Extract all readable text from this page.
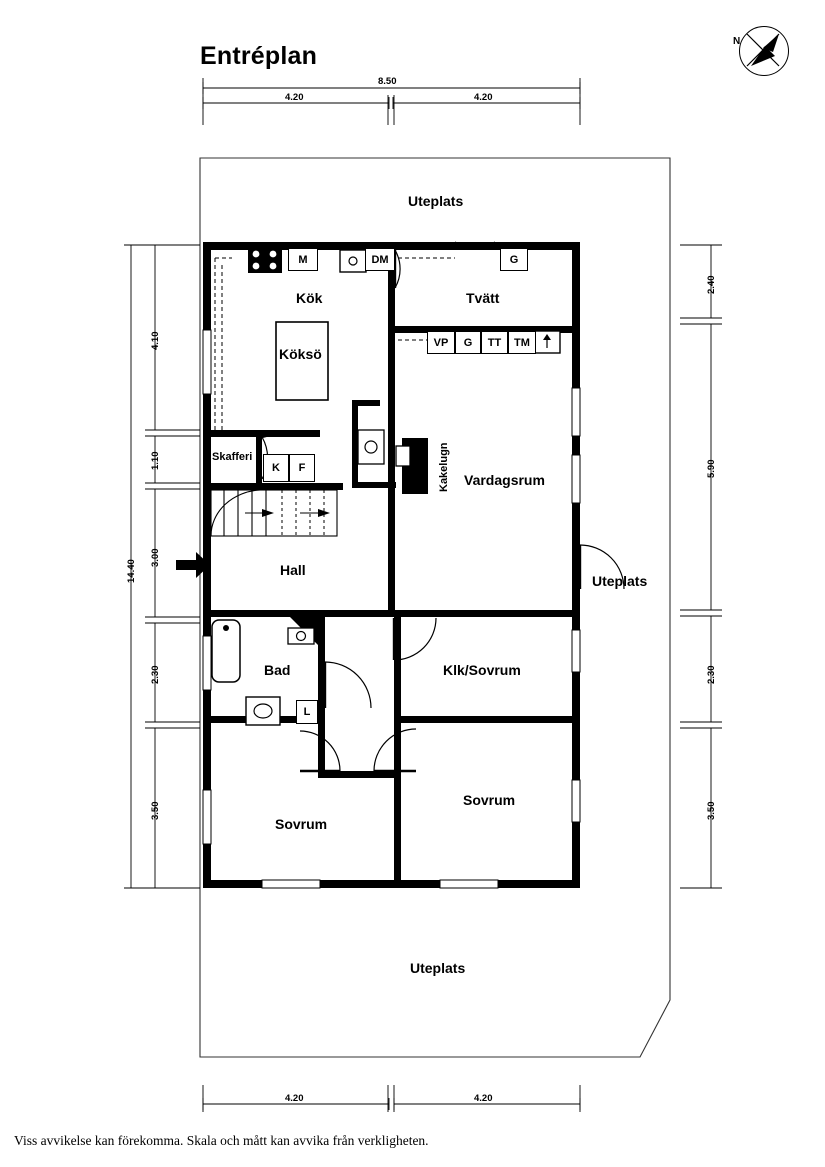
Entréplan
N
Uteplats
Kök
Köksö
Tvätt
Skafferi
Vardagsrum
Kakelugn
Hall
Uteplats
Bad	Klk/Sovrum
Sovrum
Sovrum
Uteplats
M	DM	G
VP	G	TT	TM
K	F
L
8.50
4.20	4.20
4.20	4.20
14.40
4.10
1.10
3.00
2.30
3.50
2.40
5.90
2.30
3.50
Viss avvikelse kan förekomma. Skala och mått kan avvika från verkligheten.
